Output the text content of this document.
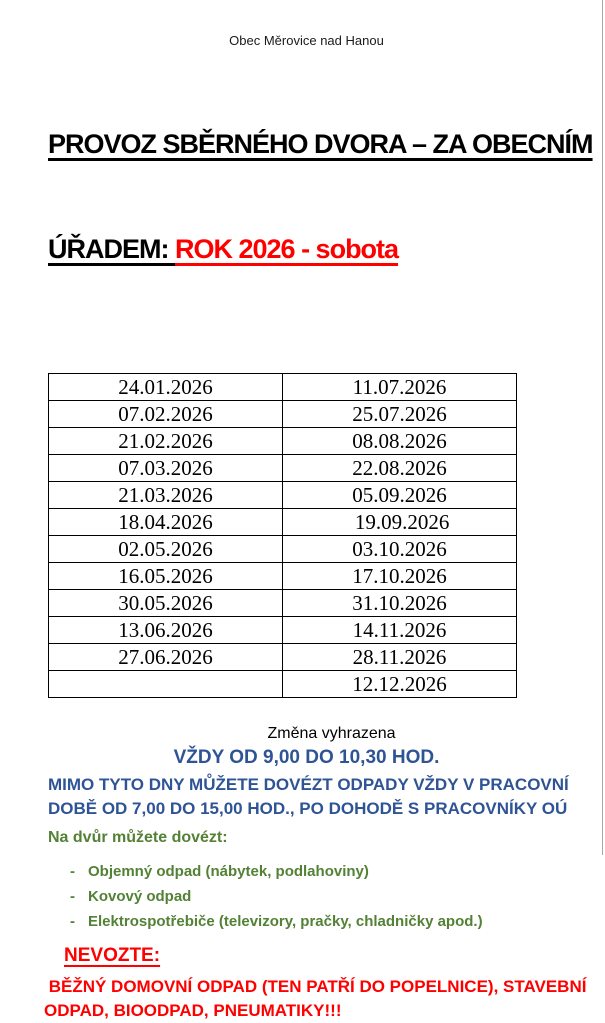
Obec Měrovice nad Hanou

PROVOZ SBĚRNÉHO DVORA – ZA OBECNÍM

ÚŘADEM: ROK 2026 - sobota

24.01.2026	11.07.2026
07.02.2026	25.07.2026
21.02.2026	08.08.2026
07.03.2026	22.08.2026
21.03.2026	05.09.2026
18.04.2026	19.09.2026
02.05.2026	03.10.2026
16.05.2026	17.10.2026
30.05.2026	31.10.2026
13.06.2026	14.11.2026
27.06.2026	28.11.2026
	12.12.2026
Změna vyhrazena
VŽDY OD 9,00 DO 10,30 HOD.
MIMO TYTO DNY MŮŽETE DOVÉZT ODPADY VŽDY V PRACOVNÍ
DOBĚ OD 7,00 DO 15,00 HOD., PO DOHODĚ S PRACOVNÍKY OÚ
Na dvůr můžete dovézt:
- Objemný odpad (nábytek, podlahoviny)
- Kovový odpad
- Elektrospotřebiče (televizory, pračky, chladničky apod.)
NEVOZTE:
BĚŽNÝ DOMOVNÍ ODPAD (TEN PATŘÍ DO POPELNICE), STAVEBNÍ
ODPAD, BIOODPAD, PNEUMATIKY!!!
